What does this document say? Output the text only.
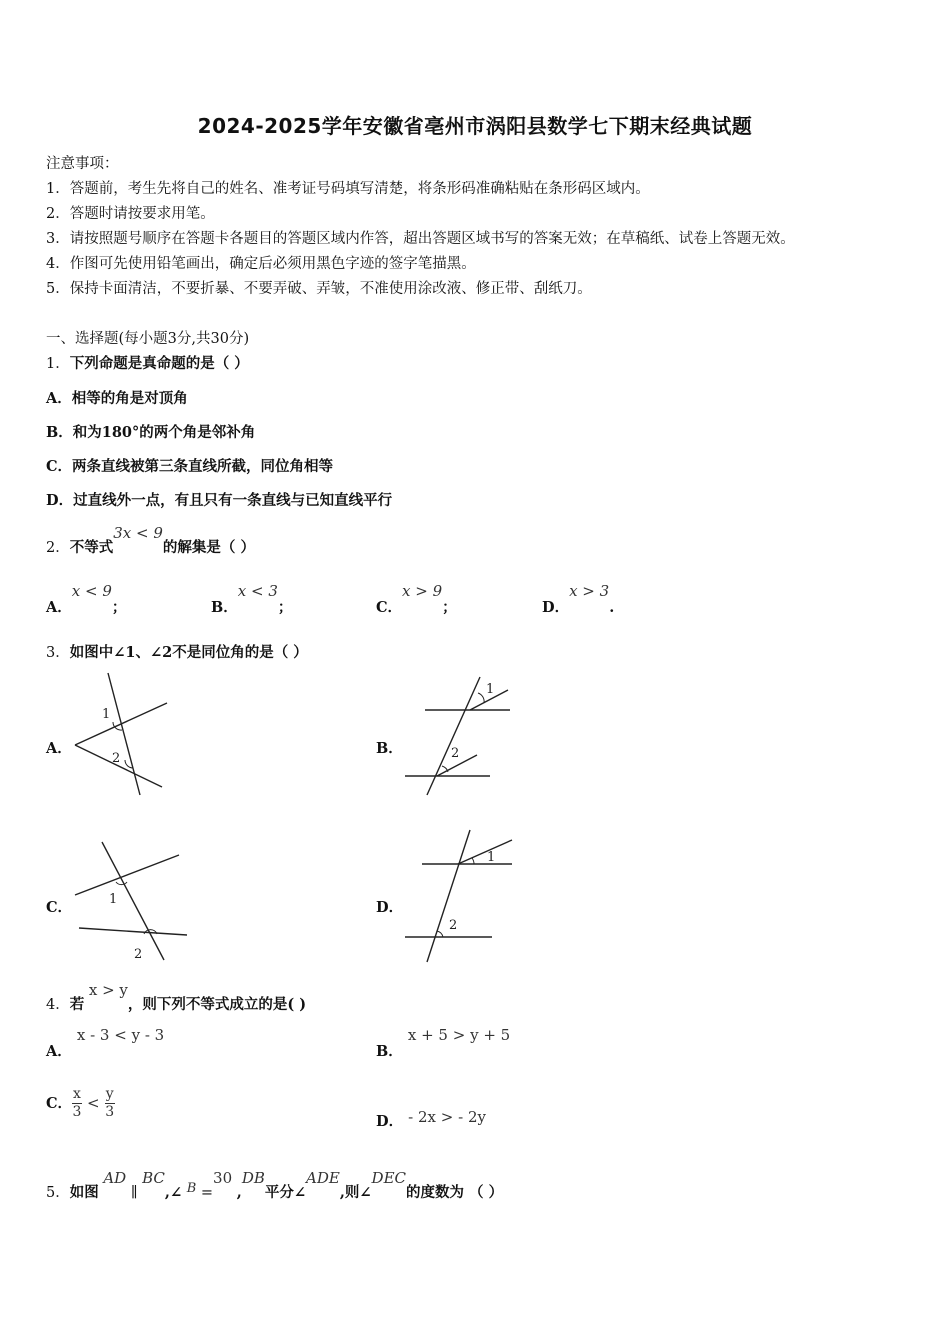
2024-2025学年安徽省亳州市涡阳县数学七下期末经典试题
注意事项：
1．答题前，考生先将自己的姓名、准考证号码填写清楚，将条形码准确粘贴在条形码区域内。
2．答题时请按要求用笔。
3．请按照题号顺序在答题卡各题目的答题区域内作答，超出答题区域书写的答案无效；在草稿纸、试卷上答题无效。
4．作图可先使用铅笔画出，确定后必须用黑色字迹的签字笔描黑。
5．保持卡面清洁，不要折暴、不要弄破、弄皱，不准使用涂改液、修正带、刮纸刀。
一、选择题(每小题3分,共30分)
1．下列命题是真命题的是（ ）
A．相等的角是对顶角
B．和为180°的两个角是邻补角
C．两条直线被第三条直线所截，同位角相等
D．过直线外一点，有且只有一条直线与已知直线平行
2．不等式3x < 9的解集是（ ）
A．x < 9；	B．x < 3；	C．x > 9；	D．x > 3.
3．如图中∠1、∠2不是同位角的是（ ）
A．
1
2
B．
1
2
C．	1
2
D．
1
2
4．若 x > y，则下列不等式成立的是( )
A． x - 3 < y - 3
B． x + 5 > y + 5
C． $\frac{x}{3} < \frac{y}{3}$
D． - 2x > - 2y
5．如图 AD ∥ BC,∠ B =30 ,DB平分∠ADE,则∠DEC的度数为 （ ）
